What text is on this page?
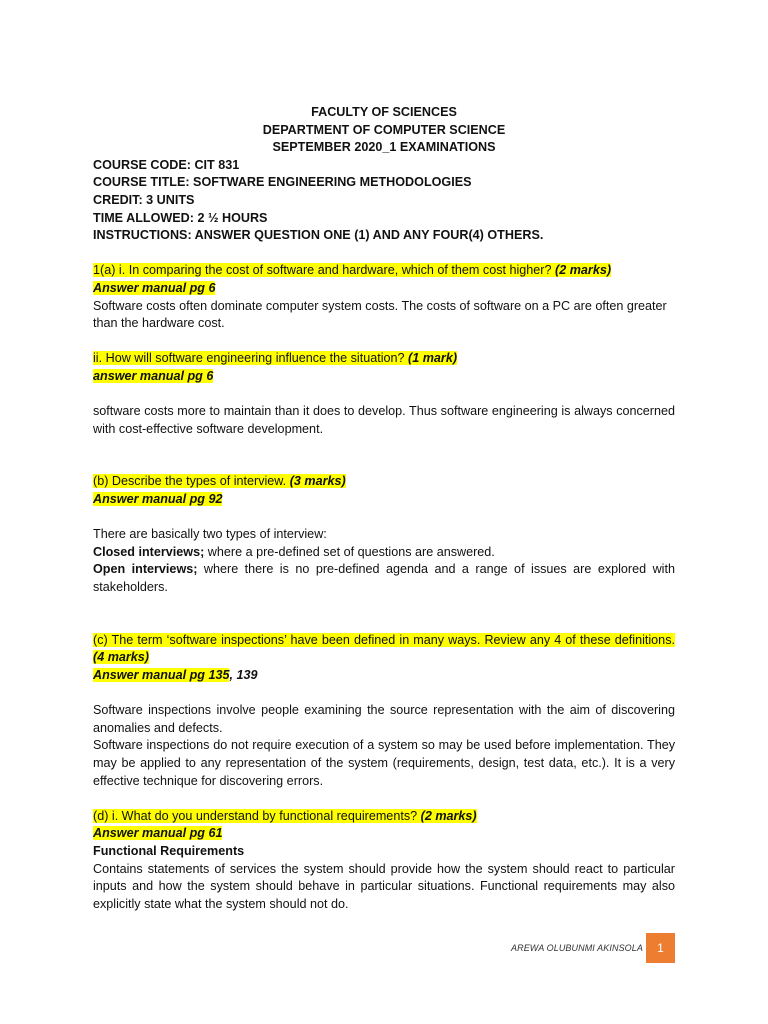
FACULTY OF SCIENCES

DEPARTMENT OF COMPUTER SCIENCE

SEPTEMBER 2020_1 EXAMINATIONS

COURSE CODE: CIT 831

COURSE TITLE: SOFTWARE ENGINEERING METHODOLOGIES

CREDIT: 3 UNITS

TIME ALLOWED: 2 ½ HOURS

INSTRUCTIONS: ANSWER QUESTION ONE (1) AND ANY FOUR(4) OTHERS.

1(a) i. In comparing the cost of software and hardware, which of them cost higher? (2 marks)

Answer manual pg 6

Software costs often dominate computer system costs. The costs of software on a PC are often greater than the hardware cost.

ii. How will software engineering influence the situation? (1 mark)

answer manual pg 6

software costs more to maintain than it does to develop. Thus software engineering is always concerned with cost-effective software development.

(b) Describe the types of interview. (3 marks)

Answer manual pg 92

There are basically two types of interview:

Closed interviews; where a pre-defined set of questions are answered.

Open interviews; where there is no pre-defined agenda and a range of issues are explored with stakeholders.

(c) The term ‘software inspections’ have been defined in many ways. Review any 4 of these definitions. (4 marks)

Answer manual pg 135, 139

Software inspections involve people examining the source representation with the aim of discovering anomalies and defects.

Software inspections do not require execution of a system so may be used before implementation. They may be applied to any representation of the system (requirements, design, test data, etc.). It is a very effective technique for discovering errors.

(d) i. What do you understand by functional requirements? (2 marks)

Answer manual pg 61

Functional Requirements

Contains statements of services the system should provide how the system should react to particular inputs and how the system should behave in particular situations. Functional requirements may also explicitly state what the system should not do.

AREWA OLUBUNMI AKINSOLA	1
